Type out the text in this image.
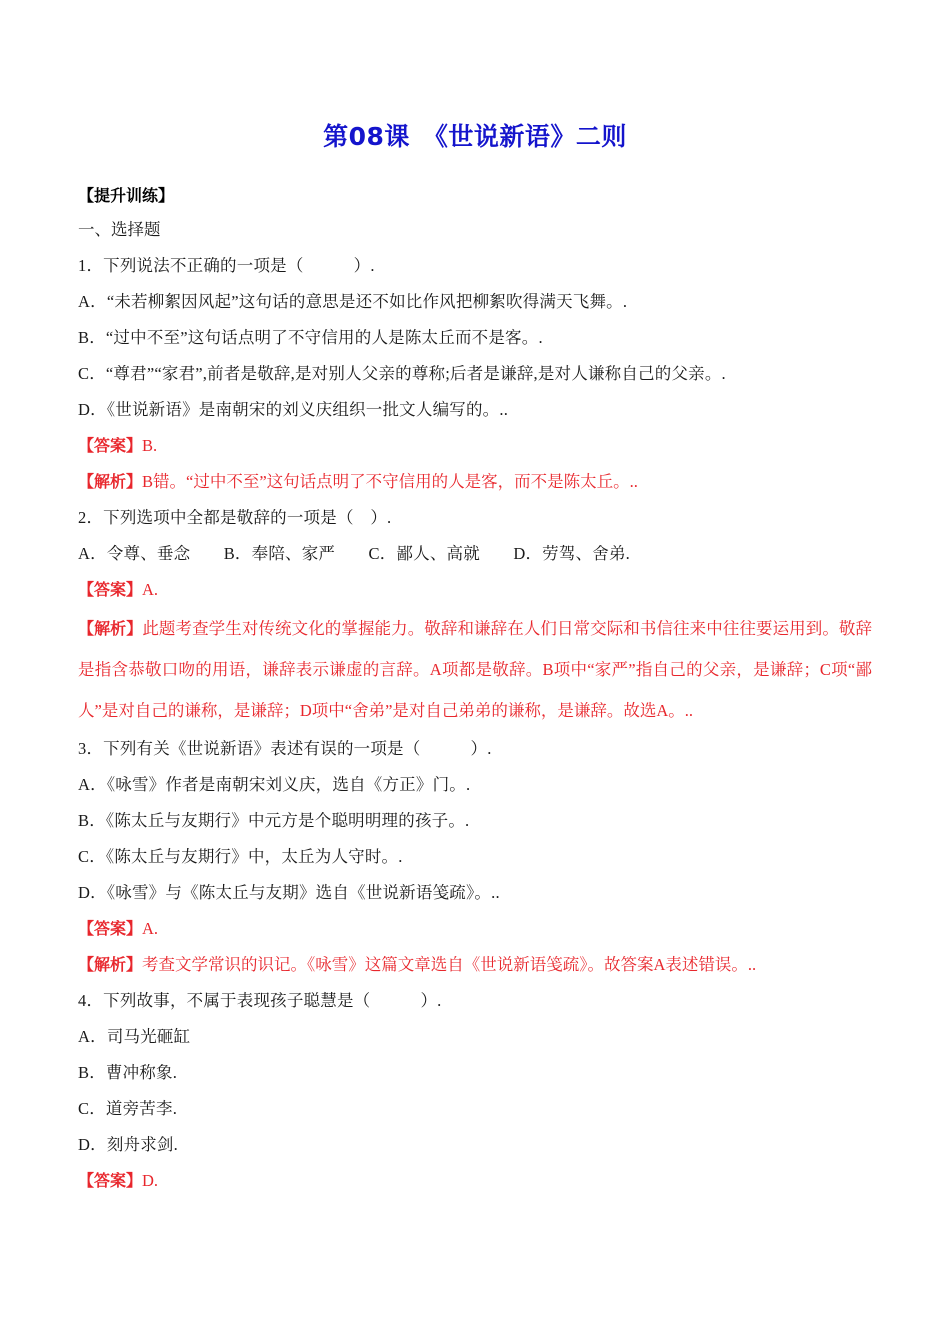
第08课　《世说新语》二则

【提升训练】

一、选择题

1．下列说法不正确的一项是（　　　）.

A．“未若柳絮因风起”这句话的意思是还不如比作风把柳絮吹得满天飞舞。.

B．“过中不至”这句话点明了不守信用的人是陈太丘而不是客。.

C．“尊君”“家君”,前者是敬辞,是对别人父亲的尊称;后者是谦辞,是对人谦称自己的父亲。.

D．《世说新语》是南朝宋的刘义庆组织一批文人编写的。..

【答案】B.

【解析】B错。“过中不至”这句话点明了不守信用的人是客，而不是陈太丘。..

2．下列选项中全都是敬辞的一项是（　）.

A．令尊、垂念　　B．奉陪、家严　　C．鄙人、高就　　D．劳驾、舍弟.

【答案】A.

【解析】此题考查学生对传统文化的掌握能力。敬辞和谦辞在人们日常交际和书信往来中往往要运用到。敬辞是指含恭敬口吻的用语，谦辞表示谦虚的言辞。A项都是敬辞。B项中“家严”指自己的父亲，是谦辞；C项“鄙人”是对自己的谦称，是谦辞；D项中“舍弟”是对自己弟弟的谦称，是谦辞。故选A。..

3．下列有关《世说新语》表述有误的一项是（　　　）.

A．《咏雪》作者是南朝宋刘义庆，选自《方正》门。.

B．《陈太丘与友期行》中元方是个聪明明理的孩子。.

C．《陈太丘与友期行》中，太丘为人守时。.

D．《咏雪》与《陈太丘与友期》选自《世说新语笺疏》。..

【答案】A.

【解析】考查文学常识的识记。《咏雪》这篇文章选自《世说新语笺疏》。故答案A表述错误。..

4．下列故事，不属于表现孩子聪慧是（　　　）.

A．司马光砸缸

B．曹冲称象.

C．道旁苦李.

D．刻舟求剑.

【答案】D.
